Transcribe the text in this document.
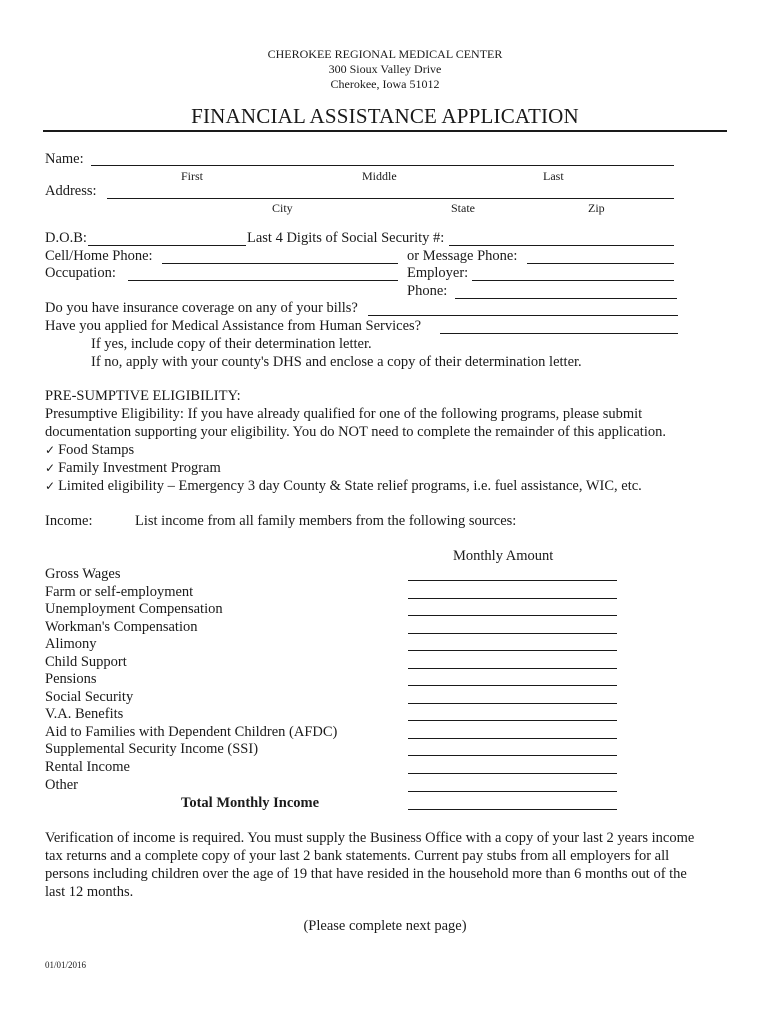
CHEROKEE REGIONAL MEDICAL CENTER
300 Sioux Valley Drive
Cherokee, Iowa 51012
FINANCIAL ASSISTANCE APPLICATION
Name:
First	Middle	Last
Address:
City	State	Zip
D.O.B:	Last 4 Digits of Social Security #:
Cell/Home Phone:	or Message Phone:
Occupation:	Employer:
Phone:
Do you have insurance coverage on any of your bills?
Have you applied for Medical Assistance from Human Services?
If yes, include copy of their determination letter.
If no, apply with your county's DHS and enclose a copy of their determination letter.
PRE-SUMPTIVE ELIGIBILITY:
Presumptive Eligibility: If you have already qualified for one of the following programs, please submit
documentation supporting your eligibility. You do NOT need to complete the remainder of this application.
✓ Food Stamps
✓ Family Investment Program
✓ Limited eligibility – Emergency 3 day County & State relief programs, i.e. fuel assistance, WIC, etc.
Income:	List income from all family members from the following sources:
Monthly Amount
Gross Wages
Farm or self-employment
Unemployment Compensation
Workman's Compensation
Alimony
Child Support
Pensions
Social Security
V.A. Benefits
Aid to Families with Dependent Children (AFDC)
Supplemental Security Income (SSI)
Rental Income
Other
Total Monthly Income
Verification of income is required. You must supply the Business Office with a copy of your last 2 years income
tax returns and a complete copy of your last 2 bank statements. Current pay stubs from all employers for all
persons including children over the age of 19 that have resided in the household more than 6 months out of the
last 12 months.
(Please complete next page)
01/01/2016
